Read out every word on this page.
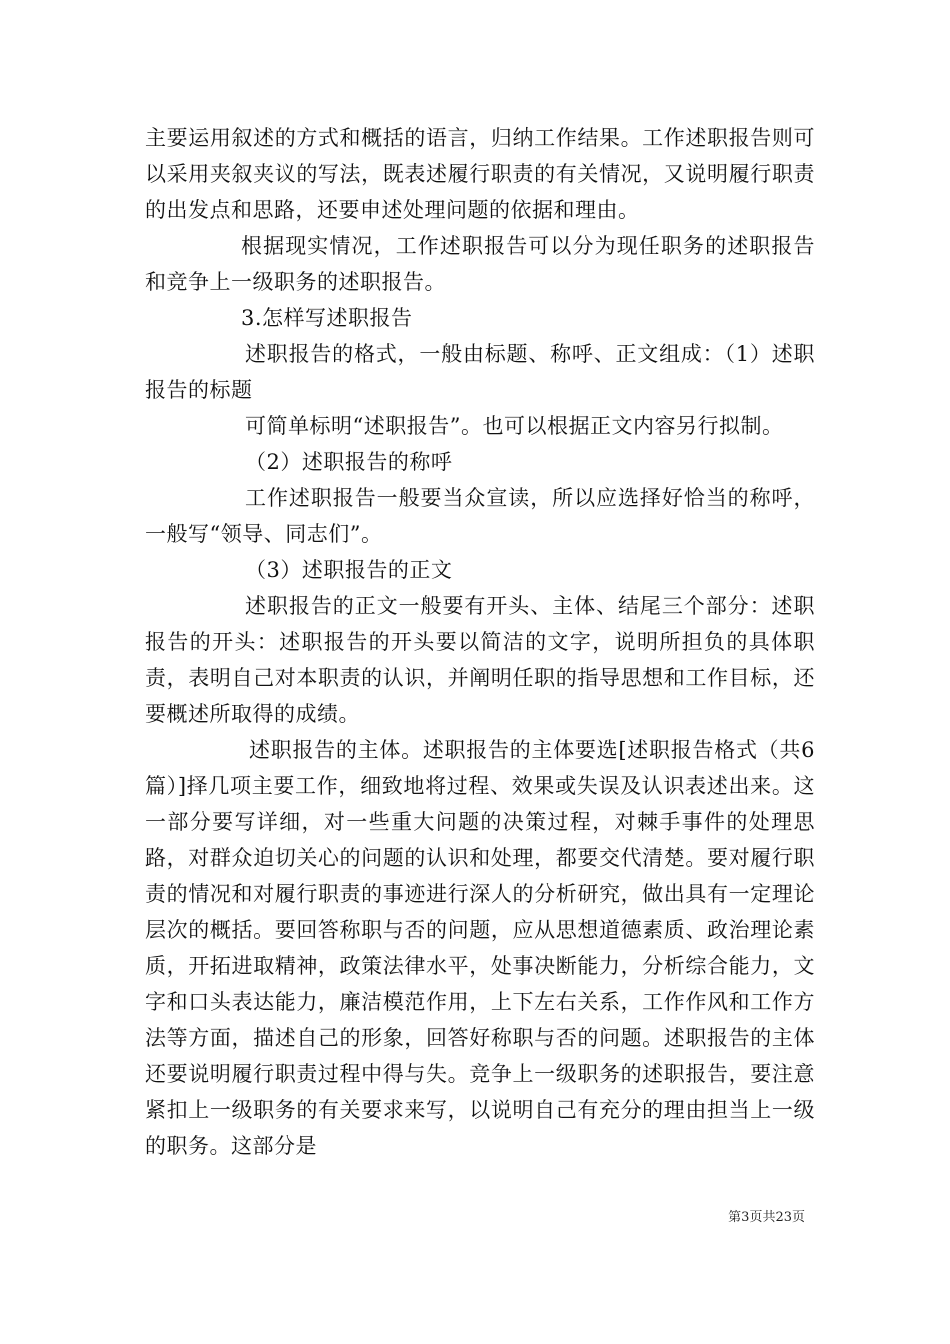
主要运用叙述的方式和概括的语言，归纳工作结果。工作述职报告则可以采用夹叙夹议的写法，既表述履行职责的有关情况，又说明履行职责的出发点和思路，还要申述处理问题的依据和理由。

根据现实情况，工作述职报告可以分为现任职务的述职报告和竞争上一级职务的述职报告。

3.怎样写述职报告

述职报告的格式，一般由标题、称呼、正文组成：（1）述职报告的标题

可简单标明“述职报告”。也可以根据正文内容另行拟制。

（2）述职报告的称呼

工作述职报告一般要当众宣读，所以应选择好恰当的称呼，一般写“领导、同志们”。

（3）述职报告的正文

述职报告的正文一般要有开头、主体、结尾三个部分：述职报告的开头：述职报告的开头要以简洁的文字，说明所担负的具体职责，表明自己对本职责的认识，并阐明任职的指导思想和工作目标，还要概述所取得的成绩。

述职报告的主体。述职报告的主体要选[述职报告格式（共6篇）]择几项主要工作，细致地将过程、效果或失误及认识表述出来。这一部分要写详细，对一些重大问题的决策过程，对棘手事件的处理思路，对群众迫切关心的问题的认识和处理，都要交代清楚。要对履行职责的情况和对履行职责的事迹进行深人的分析研究，做出具有一定理论层次的概括。要回答称职与否的问题，应从思想道德素质、政治理论素质，开拓进取精神，政策法律水平，处事决断能力，分析综合能力，文字和口头表达能力，廉洁模范作用，上下左右关系，工作作风和工作方法等方面，描述自己的形象，回答好称职与否的问题。述职报告的主体还要说明履行职责过程中得与失。竞争上一级职务的述职报告，要注意紧扣上一级职务的有关要求来写，以说明自己有充分的理由担当上一级的职务。这部分是

第3页共23页
